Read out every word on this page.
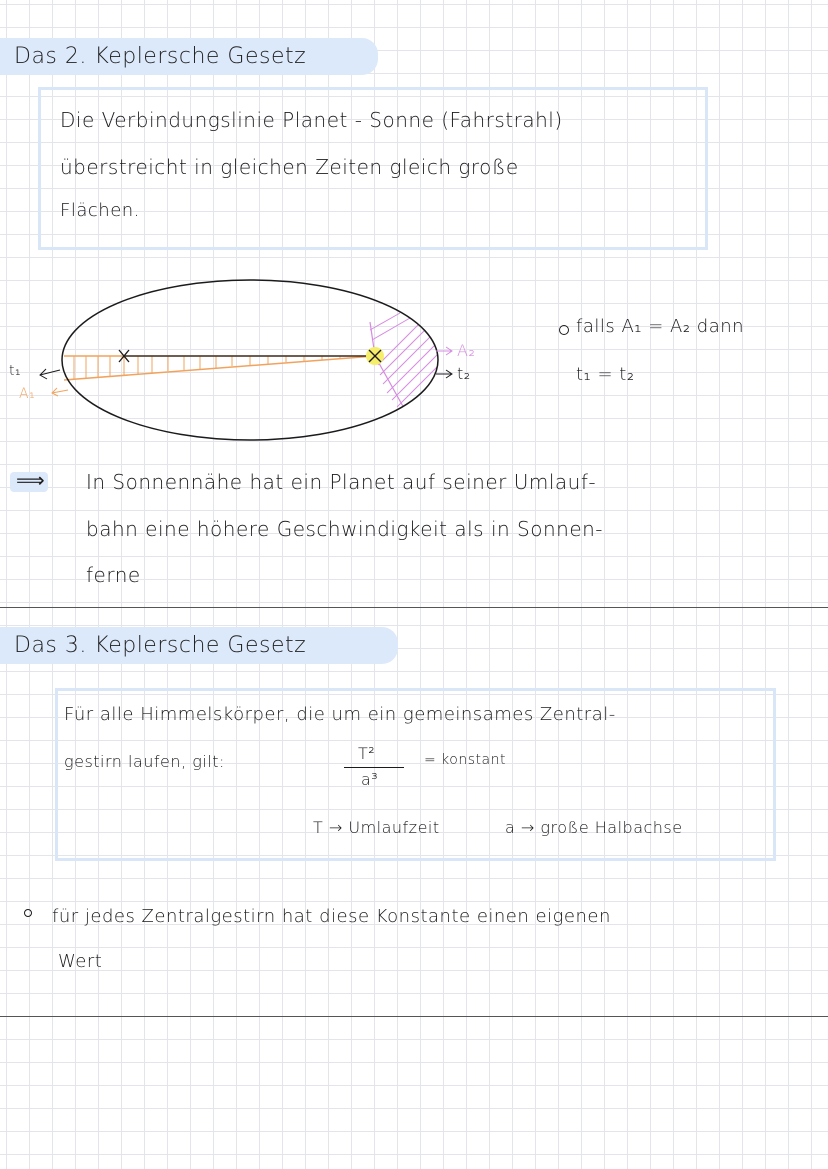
Das 2. Keplersche Gesetz
Die Verbindungslinie Planet - Sonne (Fahrstrahl)
überstreicht in gleichen Zeiten gleich große
Flächen.
t₁
A₁
A₂
t₂
falls A₁ = A₂ dann
t₁ = t₂
⟹ In Sonnennähe hat ein Planet auf seiner Umlauf-
bahn eine höhere Geschwindigkeit als in Sonnen-
ferne
Das 3. Keplersche Gesetz
Für alle Himmelskörper, die um ein gemeinsames Zentral-
gestirn laufen, gilt:	T²
a³
= konstant
T → Umlaufzeit	a → große Halbachse
für jedes Zentralgestirn hat diese Konstante einen eigenen
Wert
